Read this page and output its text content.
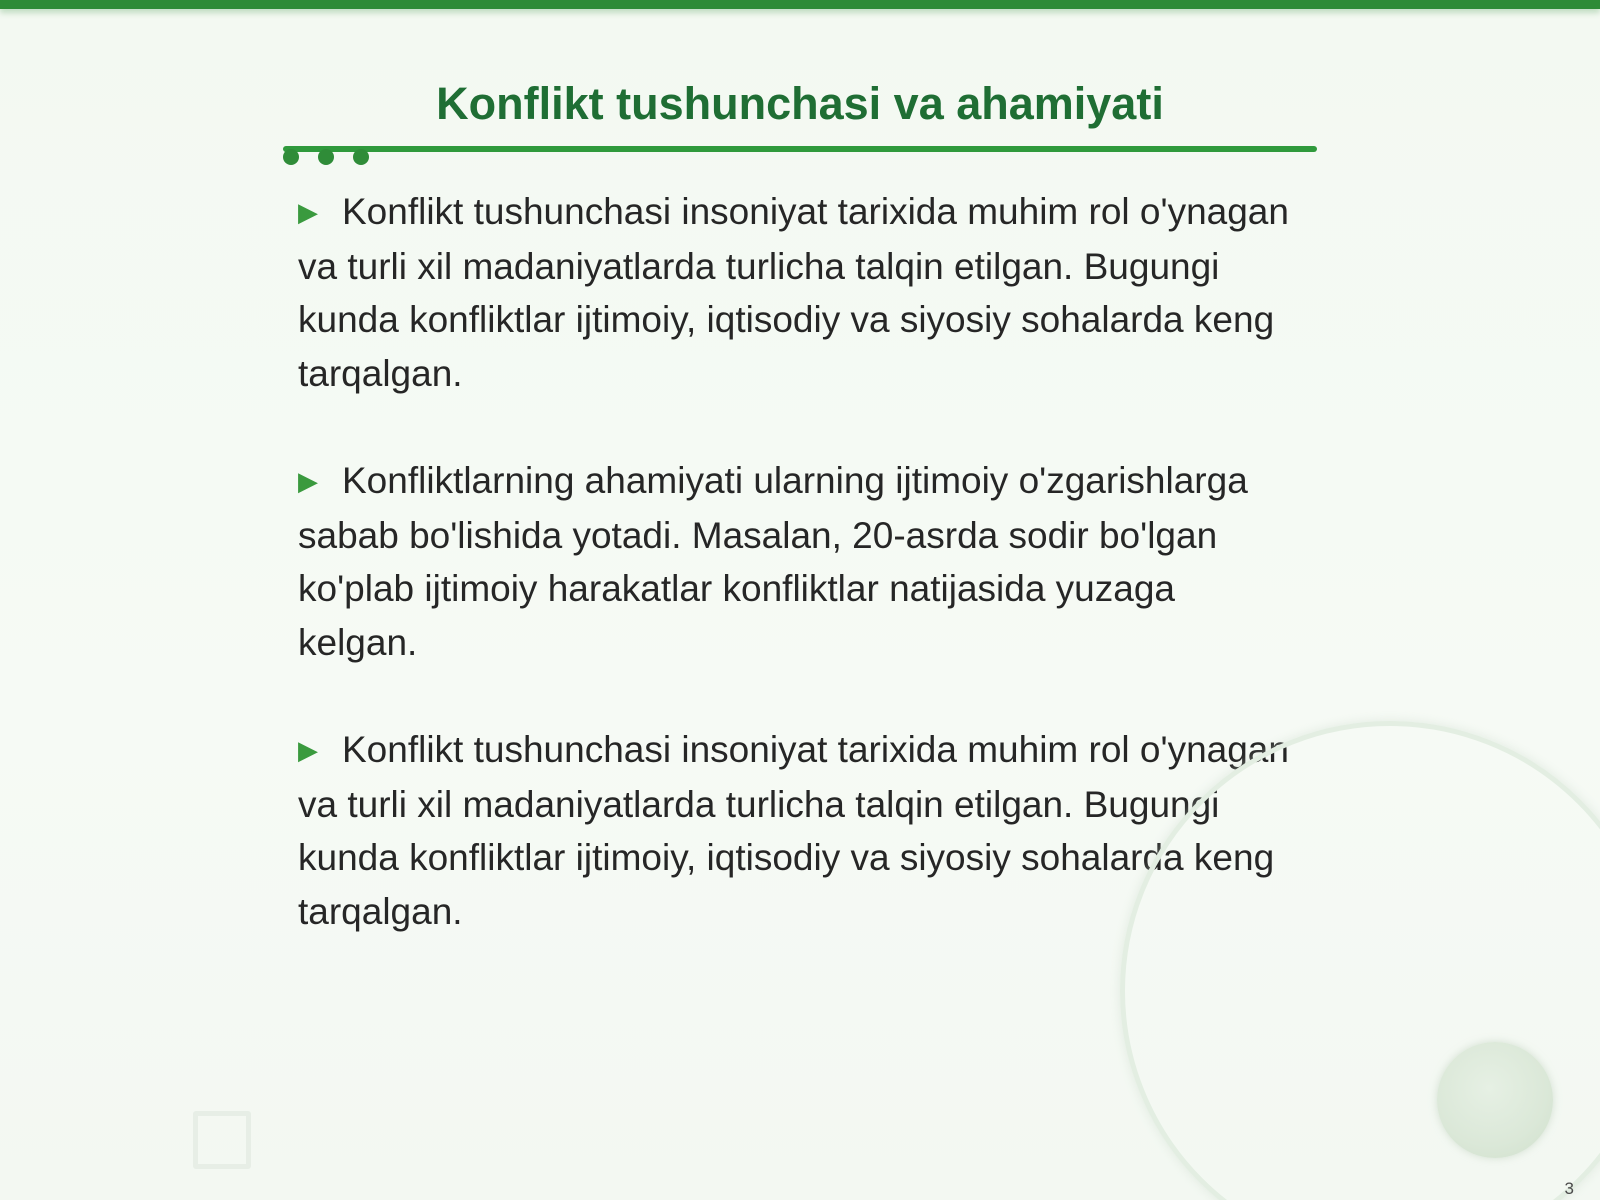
Konflikt tushunchasi va ahamiyati

▶ Konflikt tushunchasi insoniyat tarixida muhim rol o'ynagan va turli xil madaniyatlarda turlicha talqin etilgan. Bugungi kunda konfliktlar ijtimoiy, iqtisodiy va siyosiy sohalarda keng tarqalgan.

▶ Konfliktlarning ahamiyati ularning ijtimoiy o'zgarishlarga sabab bo'lishida yotadi. Masalan, 20-asrda sodir bo'lgan ko'plab ijtimoiy harakatlar konfliktlar natijasida yuzaga kelgan.

▶ Konflikt tushunchasi insoniyat tarixida muhim rol o'ynagan va turli xil madaniyatlarda turlicha talqin etilgan. Bugungi kunda konfliktlar ijtimoiy, iqtisodiy va siyosiy sohalarda keng tarqalgan.

3
